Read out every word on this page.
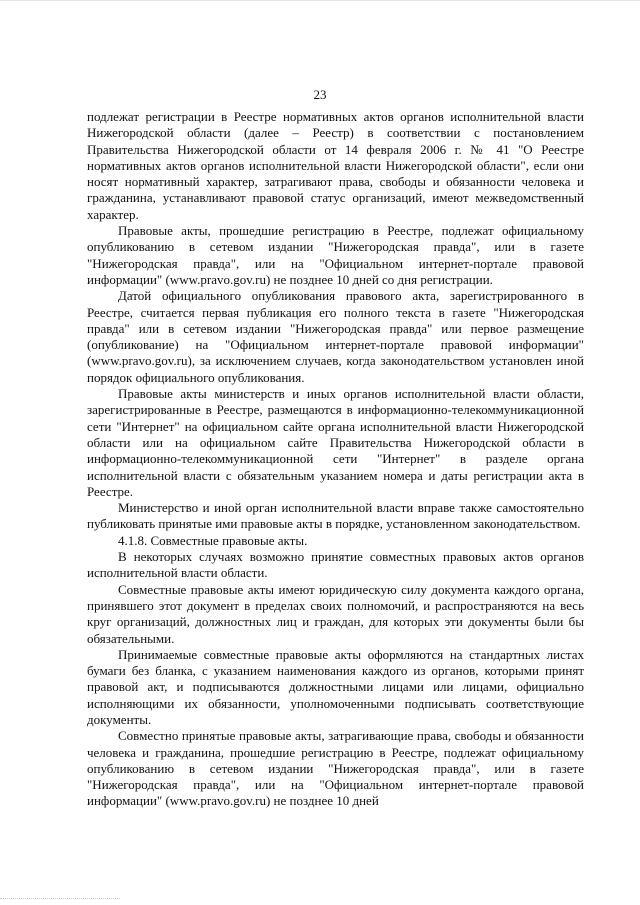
23

подлежат регистрации в Реестре нормативных актов органов исполнительной власти Нижегородской области (далее – Реестр) в соответствии с постановлением Правительства Нижегородской области от 14 февраля 2006 г. № 41 "О Реестре нормативных актов органов исполнительной власти Нижегородской области", если они носят нормативный характер, затрагивают права, свободы и обязанности человека и гражданина, устанавливают правовой статус организаций, имеют межведомственный характер.

Правовые акты, прошедшие регистрацию в Реестре, подлежат официальному опубликованию в сетевом издании "Нижегородская правда", или в газете "Нижегородская правда", или на "Официальном интернет-портале правовой информации" (www.pravo.gov.ru) не позднее 10 дней со дня регистрации.

Датой официального опубликования правового акта, зарегистрированного в Реестре, считается первая публикация его полного текста в газете "Нижегородская правда" или в сетевом издании "Нижегородская правда" или первое размещение (опубликование) на "Официальном интернет-портале правовой информации" (www.pravo.gov.ru), за исключением случаев, когда законодательством установлен иной порядок официального опубликования.

Правовые акты министерств и иных органов исполнительной власти области, зарегистрированные в Реестре, размещаются в информационно-телекоммуникационной сети "Интернет" на официальном сайте органа исполнительной власти Нижегородской области или на официальном сайте Правительства Нижегородской области в информационно-телекоммуникационной сети "Интернет" в разделе органа исполнительной власти с обязательным указанием номера и даты регистрации акта в Реестре.

Министерство и иной орган исполнительной власти вправе также самостоятельно публиковать принятые ими правовые акты в порядке, установленном законодательством.

4.1.8. Совместные правовые акты.

В некоторых случаях возможно принятие совместных правовых актов органов исполнительной власти области.

Совместные правовые акты имеют юридическую силу документа каждого органа, принявшего этот документ в пределах своих полномочий, и распространяются на весь круг организаций, должностных лиц и граждан, для которых эти документы были бы обязательными.

Принимаемые совместные правовые акты оформляются на стандартных листах бумаги без бланка, с указанием наименования каждого из органов, которыми принят правовой акт, и подписываются должностными лицами или лицами, официально исполняющими их обязанности, уполномоченными подписывать соответствующие документы.

Совместно принятые правовые акты, затрагивающие права, свободы и обязанности человека и гражданина, прошедшие регистрацию в Реестре, подлежат официальному опубликованию в сетевом издании "Нижегородская правда", или в газете "Нижегородская правда", или на "Официальном интернет-портале правовой информации" (www.pravo.gov.ru) не позднее 10 дней
